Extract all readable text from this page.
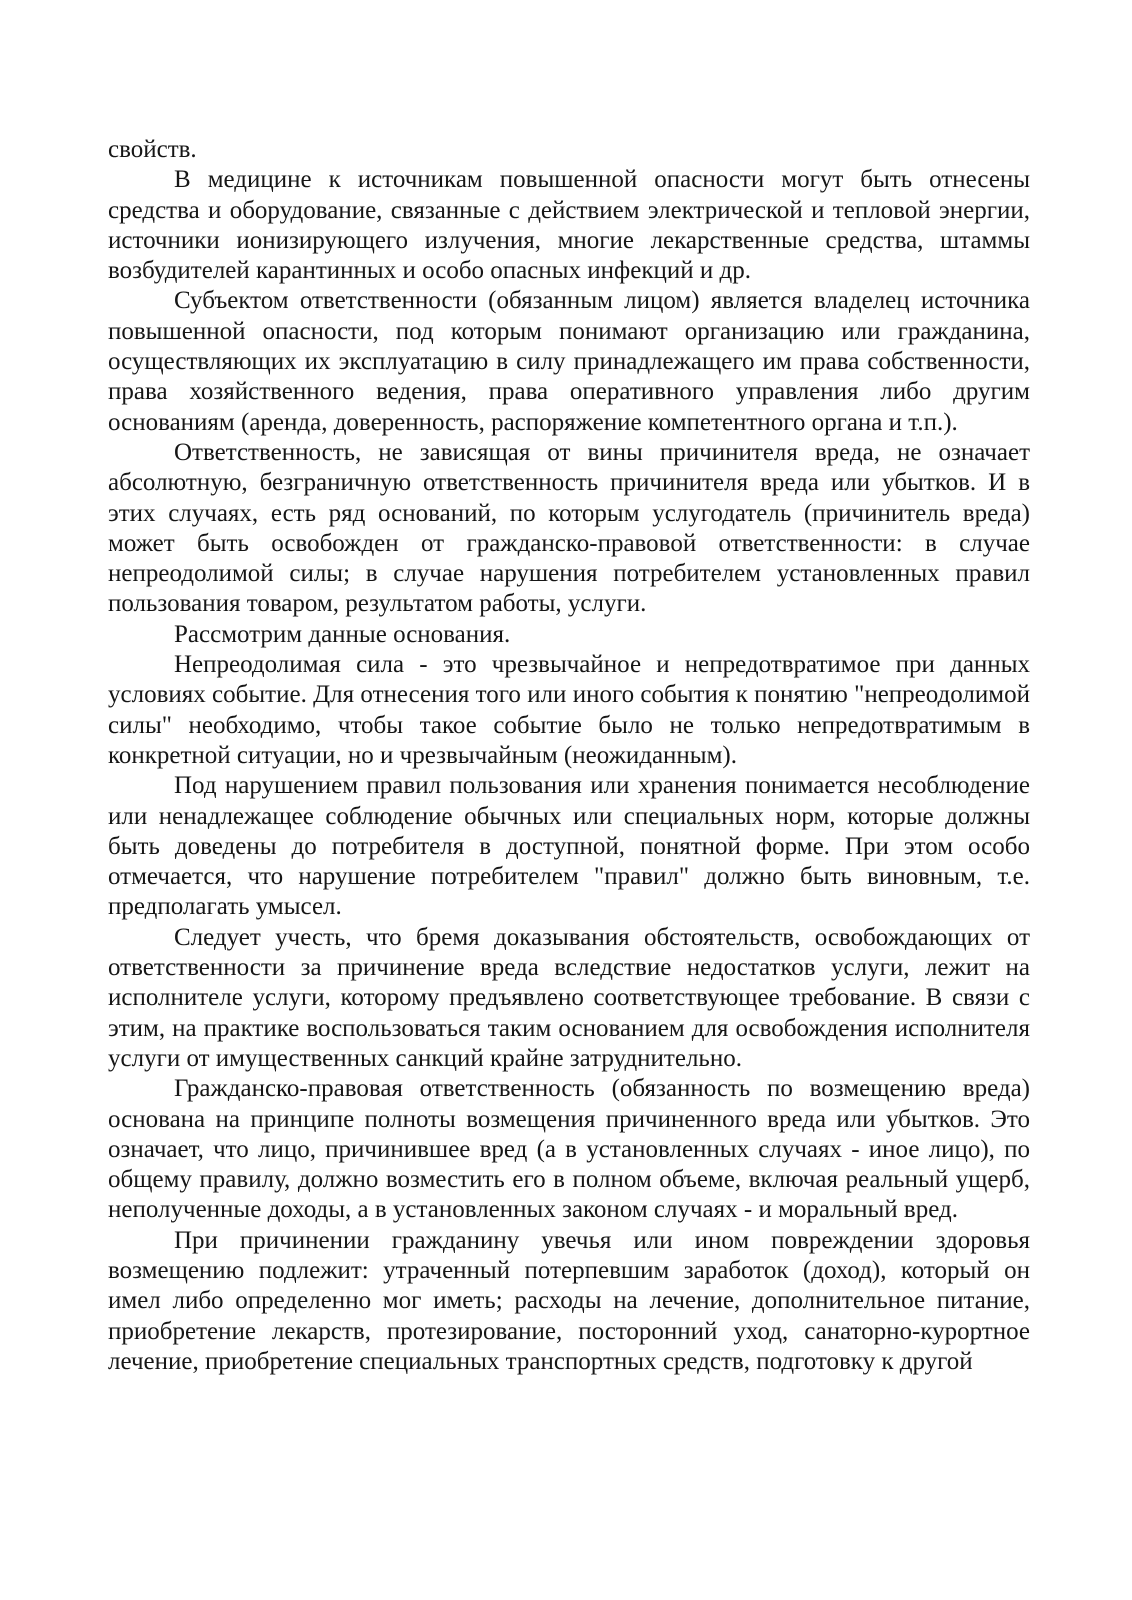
свойств.

В медицине к источникам повышенной опасности могут быть отнесены средства и оборудование, связанные с действием электрической и тепловой энергии, источники ионизирующего излучения, многие лекарственные средства, штаммы возбудителей карантинных и особо опасных инфекций и др.

Субъектом ответственности (обязанным лицом) является владелец источника повышенной опасности, под которым понимают организацию или гражданина, осуществляющих их эксплуатацию в силу принадлежащего им права собственности, права хозяйственного ведения, права оперативного управления либо другим основаниям (аренда, доверенность, распоряжение компетентного органа и т.п.).

Ответственность, не зависящая от вины причинителя вреда, не означает абсолютную, безграничную ответственность причинителя вреда или убытков. И в этих случаях, есть ряд оснований, по которым услугодатель (причинитель вреда) может быть освобожден от гражданско-правовой ответственности: в случае непреодолимой силы; в случае нарушения потребителем установленных правил пользования товаром, результатом работы, услуги.

Рассмотрим данные основания.

Непреодолимая сила - это чрезвычайное и непредотвратимое при данных условиях событие. Для отнесения того или иного события к понятию "непреодолимой силы" необходимо, чтобы такое событие было не только непредотвратимым в конкретной ситуации, но и чрезвычайным (неожиданным).

Под нарушением правил пользования или хранения понимается несоблюдение или ненадлежащее соблюдение обычных или специальных норм, которые должны быть доведены до потребителя в доступной, понятной форме. При этом особо отмечается, что нарушение потребителем "правил" должно быть виновным, т.е. предполагать умысел.

Следует учесть, что бремя доказывания обстоятельств, освобождающих от ответственности за причинение вреда вследствие недостатков услуги, лежит на исполнителе услуги, которому предъявлено соответствующее требование. В связи с этим, на практике воспользоваться таким основанием для освобождения исполнителя услуги от имущественных санкций крайне затруднительно.

Гражданско-правовая ответственность (обязанность по возмещению вреда) основана на принципе полноты возмещения причиненного вреда или убытков. Это означает, что лицо, причинившее вред (а в установленных случаях - иное лицо), по общему правилу, должно возместить его в полном объеме, включая реальный ущерб, неполученные доходы, а в установленных законом случаях - и моральный вред.

При причинении гражданину увечья или ином повреждении здоровья возмещению подлежит: утраченный потерпевшим заработок (доход), который он имел либо определенно мог иметь; расходы на лечение, дополнительное питание, приобретение лекарств, протезирование, посторонний уход, санаторно-курортное лечение, приобретение специальных транспортных средств, подготовку к другой
